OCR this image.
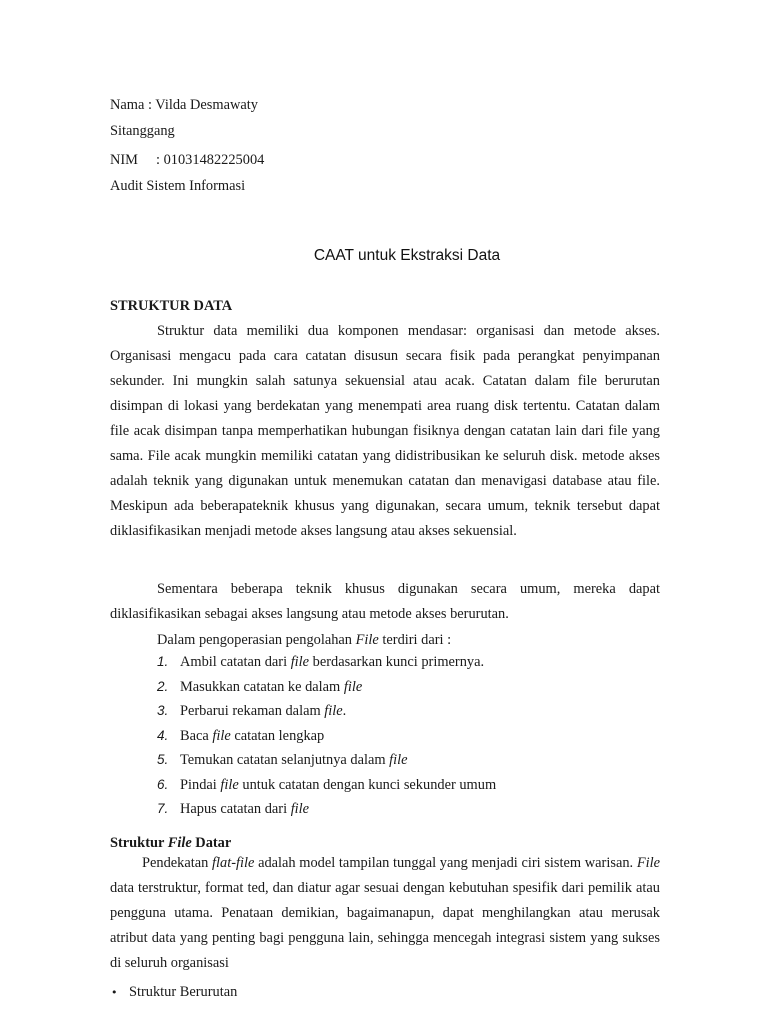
Nama : Vilda Desmawaty
Sitanggang
NIM : 01031482225004
Audit Sistem Informasi
CAAT untuk Ekstraksi Data
STRUKTUR DATA

Struktur data memiliki dua komponen mendasar: organisasi dan metode akses. Organisasi mengacu pada cara catatan disusun secara fisik pada perangkat penyimpanan sekunder. Ini mungkin salah satunya sekuensial atau acak. Catatan dalam file berurutan disimpan di lokasi yang berdekatan yang menempati area ruang disk tertentu. Catatan dalam file acak disimpan tanpa memperhatikan hubungan fisiknya dengan catatan lain dari file yang sama. File acak mungkin memiliki catatan yang didistribusikan ke seluruh disk. metode akses adalah teknik yang digunakan untuk menemukan catatan dan menavigasi database atau file. Meskipun ada beberapateknik khusus yang digunakan, secara umum, teknik tersebut dapat diklasifikasikan menjadi metode akses langsung atau akses sekuensial.

Sementara beberapa teknik khusus digunakan secara umum, mereka dapat diklasifikasikan sebagai akses langsung atau metode akses berurutan.

Dalam pengoperasian pengolahan File terdiri dari :
1. Ambil catatan dari file berdasarkan kunci primernya.
2. Masukkan catatan ke dalam file
3. Perbarui rekaman dalam file.
4. Baca file catatan lengkap
5. Temukan catatan selanjutnya dalam file
6. Pindai file untuk catatan dengan kunci sekunder umum
7. Hapus catatan dari file
Struktur File Datar

Pendekatan flat-file adalah model tampilan tunggal yang menjadi ciri sistem warisan. File data terstruktur, format ted, dan diatur agar sesuai dengan kebutuhan spesifik dari pemilik atau pengguna utama. Penataan demikian, bagaimanapun, dapat menghilangkan atau merusak atribut data yang penting bagi pengguna lain, sehingga mencegah integrasi sistem yang sukses di seluruh organisasi

• Struktur Berurutan
